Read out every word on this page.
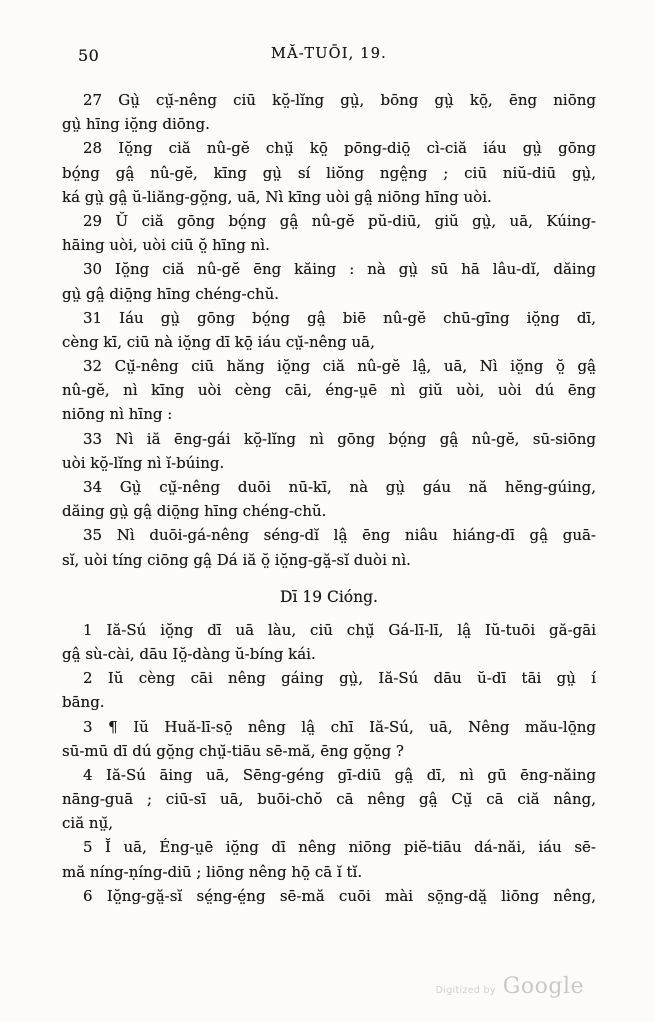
50	MĂ-TUŌI, 19.
27 Gṳ̀ cṳ̆-nêng ciū kŏ̤-lĭng gṳ̀, bōng gṳ̀ kō̤, ēng niōng
gṳ̀ hīng iŏ̤ng diōng.
28 Iŏ̤ng ciă nû-gĕ chṳ̆ kō̤ pōng-diō̤ cì-ciă iáu gṳ̀ gōng
bó̤ng gâ̤ nû-gĕ, kīng gṳ̀ sí liŏng ngê̤ng ; ciū niŭ-diū gṳ̀,
ká gṳ̀ gâ̤ ŭ-liăng-gŏ̤ng, uā, Nì kīng uòi gâ̤ niōng hīng uòi.
29 Ŭ ciă gōng bó̤ng gâ̤ nû-gĕ pŭ-diū, giŭ gṳ̀, uā, Kúing-
hāing uòi, uòi ciū ŏ̤ hīng nì.
30 Iŏ̤ng ciă nû-gĕ ēng kăing : nà gṳ̀ sū hā lâu-dĭ, dăing
gṳ̀ gâ̤ diō̤ng hīng chéng-chŭ.
31 Iáu gṳ̀ gōng bó̤ng gâ̤ biē nû-gĕ chū-gīng iŏ̤ng dī,
cèng kī, ciū nà iŏ̤ng dī kō̤ iáu cṳ̆-nêng uā,
32 Cṳ̆-nêng ciū hăng iŏ̤ng ciă nû-gĕ lâ̤, uā, Nì iŏ̤ng ŏ̤ gâ̤
nû-gĕ, nì kīng uòi cèng cāi, éng-ṳē nì giŭ uòi, uòi dú ēng
niōng nì hīng :
33 Nì iă ēng-gái kŏ̤-lĭng nì gōng bó̤ng gâ̤ nû-gĕ, sū-siōng
uòi kŏ̤-lĭng nì ĭ-búing.
34 Gṳ̀ cṳ̆-nêng duōi nū-kī, nà gṳ̀ gáu nă hĕng-gúing,
dăing gṳ̀ gâ̤ diō̤ng hīng chéng-chŭ.
35 Nì duōi-gá-nêng séng-dĭ lâ̤ ēng niâu hiáng-dī gâ̤ guā-
sĭ, uòi tíng ciōng gâ̤ Dá iă ŏ̤ iŏ̤ng-gă̤-sĭ duòi nì.
Dī 19 Cióng.
1 Iă-Sú iŏ̤ng dī uā làu, ciū chṳ̆ Gá-lī-lī, lâ̤ Iŭ-tuōi gă-gāi
gâ̤ sù-cài, dāu Iŏ̤-dàng ŭ-bíng kái.
2 Iŭ cèng cāi nêng gáing gṳ̀, Iă-Sú dāu ŭ-dī tāi gṳ̀ í
bāng.
3 ¶ Iŭ Huă-lī-sō̤ nêng lâ̤ chī Iă-Sú, uā, Nêng mău-lō̤ng
sū-mū dī dú gŏ̤ng chṳ̆-tiāu sē-mă, ēng gŏ̤ng ?
4 Iă-Sú āing uā, Sēng-géng gī-diū gâ̤ dī, nì gū ēng-năing
nāng-guā ; ciū-sī uā, buōi-chŏ cā nêng gâ̤ Cṳ̆ cā ciă nâng,
ciă nṳ̆,
5 Ĭ uā, Éng-ṳē iŏ̤ng dī nêng niōng piĕ-tiāu dá-năi, iáu sē-
mă níng-ṇíng-diū ; liōng nêng hō̤ cā ĭ tĭ.
6 Iŏ̤ng-gă̤-sĭ sé̤ng-é̤ng sē-mă cuōi mài sō̤ng-dă̤ liōng nêng,
Digitized by Google
